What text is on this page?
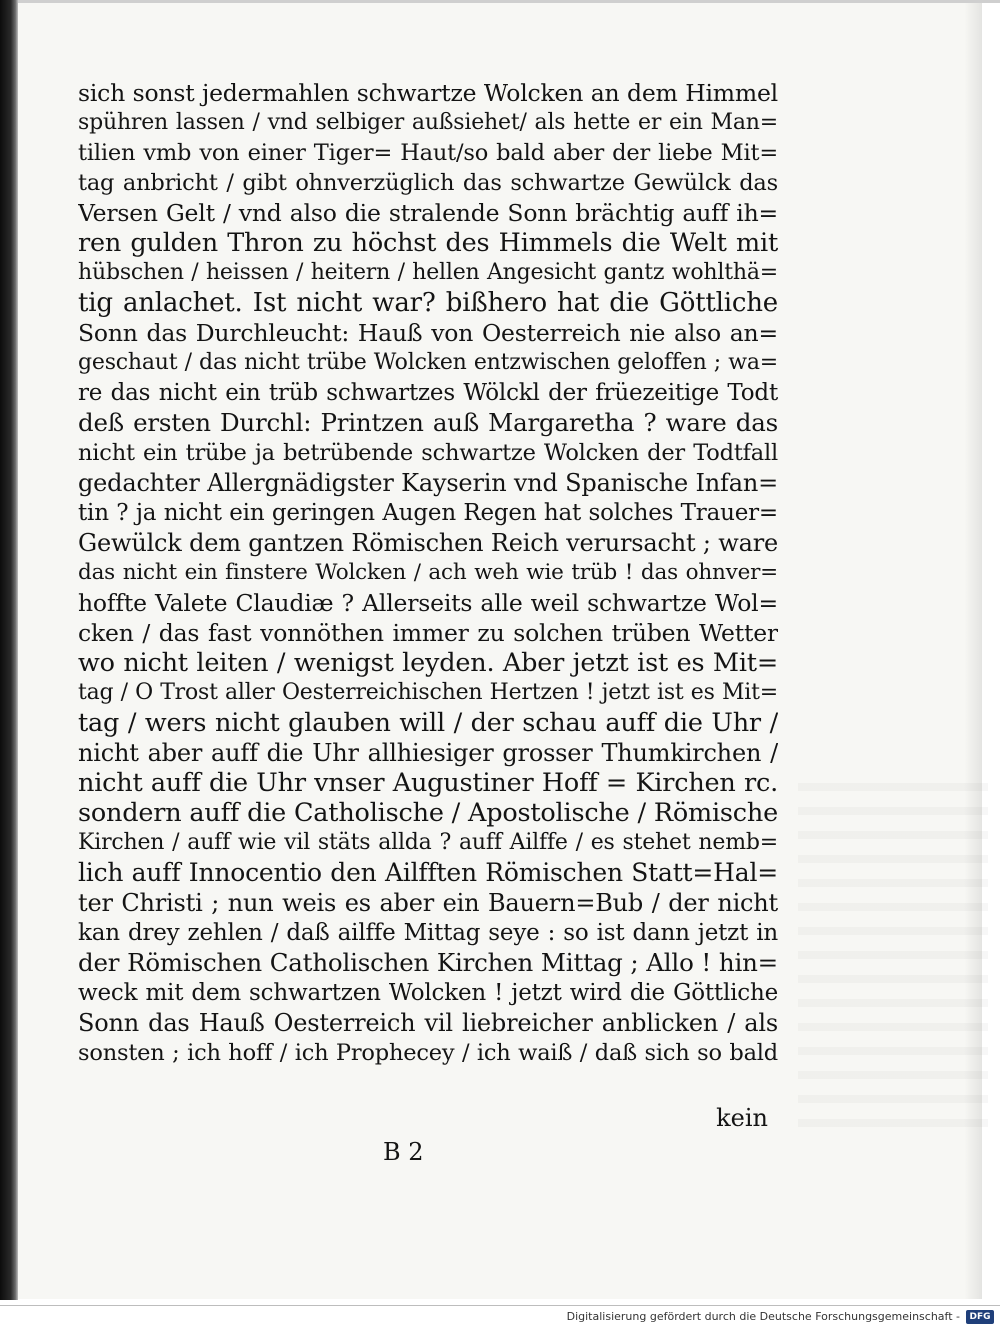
sich sonst jedermahlen schwartze Wolcken an dem Himmel
spühren lassen / vnd selbiger außsiehet/ als hette er ein Man=
tilien vmb von einer Tiger= Haut/so bald aber der liebe Mit=
tag anbricht / gibt ohnverzüglich das schwartze Gewülck das
Versen Gelt / vnd also die stralende Sonn brächtig auff ih=
ren gulden Thron zu höchst des Himmels die Welt mit
hübschen / heissen / heitern / hellen Angesicht gantz wohlthä=
tig anlachet. Ist nicht war? bißhero hat die Göttliche
Sonn das Durchleucht: Hauß von Oesterreich nie also an=
geschaut / das nicht trübe Wolcken entzwischen geloffen ; wa=
re das nicht ein trüb schwartzes Wölckl der früezeitige Todt
deß ersten Durchl: Printzen auß Margaretha ? ware das
nicht ein trübe ja betrübende schwartze Wolcken der Todtfall
gedachter Allergnädigster Kayserin vnd Spanische Infan=
tin ? ja nicht ein geringen Augen Regen hat solches Trauer=
Gewülck dem gantzen Römischen Reich verursacht ; ware
das nicht ein finstere Wolcken / ach weh wie trüb ! das ohnver=
hoffte Valete Claudiæ ? Allerseits alle weil schwartze Wol=
cken / das fast vonnöthen immer zu solchen trüben Wetter
wo nicht leiten / wenigst leyden. Aber jetzt ist es Mit=
tag / O Trost aller Oesterreichischen Hertzen ! jetzt ist es Mit=
tag / wers nicht glauben will / der schau auff die Uhr /
nicht aber auff die Uhr allhiesiger grosser Thumkirchen /
nicht auff die Uhr vnser Augustiner Hoff = Kirchen rc.
sondern auff die Catholische / Apostolische / Römische
Kirchen / auff wie vil stäts allda ? auff Ailffe / es stehet nemb=
lich auff Innocentio den Ailfften Römischen Statt=Hal=
ter Christi ; nun weis es aber ein Bauern=Bub / der nicht
kan drey zehlen / daß ailffe Mittag seye : so ist dann jetzt in
der Römischen Catholischen Kirchen Mittag ; Allo ! hin=
weck mit dem schwartzen Wolcken ! jetzt wird die Göttliche
Sonn das Hauß Oesterreich vil liebreicher anblicken / als
sonsten ; ich hoff / ich Prophecey / ich waiß / daß sich so bald
B 2
kein
Digitalisierung gefördert durch die Deutsche Forschungsgemeinschaft -	DFG
